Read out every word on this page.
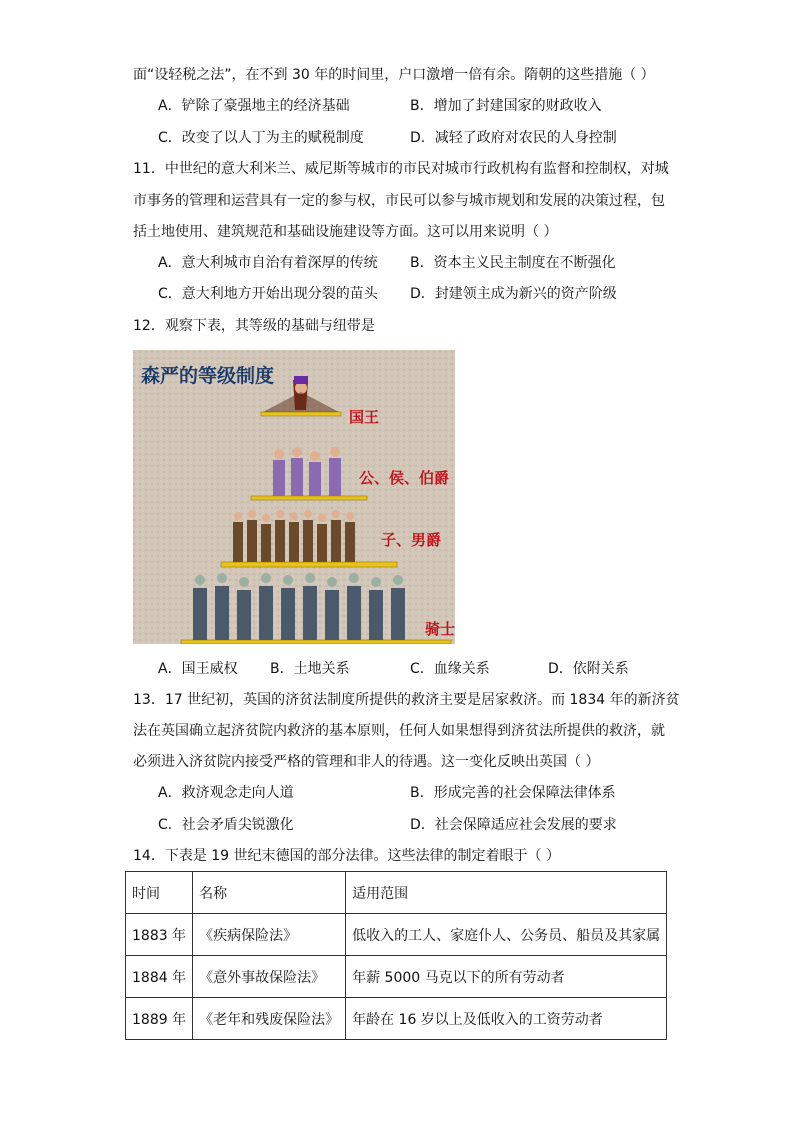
面“设轻税之法”，在不到 30 年的时间里，户口激增一倍有余。隋朝的这些措施（ ）
A．铲除了豪强地主的经济基础	B．增加了封建国家的财政收入
C．改变了以人丁为主的赋税制度	D．减轻了政府对农民的人身控制
11．中世纪的意大利米兰、威尼斯等城市的市民对城市行政机构有监督和控制权，对城
市事务的管理和运营具有一定的参与权，市民可以参与城市规划和发展的决策过程，包
括土地使用、建筑规范和基础设施建设等方面。这可以用来说明（ ）
A．意大利城市自治有着深厚的传统 B．资本主义民主制度在不断强化
C．意大利地方开始出现分裂的苗头 D．封建领主成为新兴的资产阶级
12．观察下表，其等级的基础与纽带是
森严的等级制度
国王
公、侯、伯爵
子、男爵
骑士
A．国王威权 B．土地关系	C．血缘关系	D．依附关系
13．17 世纪初，英国的济贫法制度所提供的救济主要是居家救济。而 1834 年的新济贫
法在英国确立起济贫院内救济的基本原则，任何人如果想得到济贫法所提供的救济，就
必须进入济贫院内接受严格的管理和非人的待遇。这一变化反映出英国（ ）
A．救济观念走向人道	B．形成完善的社会保障法律体系
C．社会矛盾尖锐激化	D．社会保障适应社会发展的要求
14．下表是 19 世纪末德国的部分法律。这些法律的制定着眼于（ ）
时间	名称	适用范围
1883 年	《疾病保险法》	低收入的工人、家庭仆人、公务员、船员及其家属
1884 年	《意外事故保险法》	年薪 5000 马克以下的所有劳动者
1889 年	《老年和残废保险法》	年龄在 16 岁以上及低收入的工资劳动者
